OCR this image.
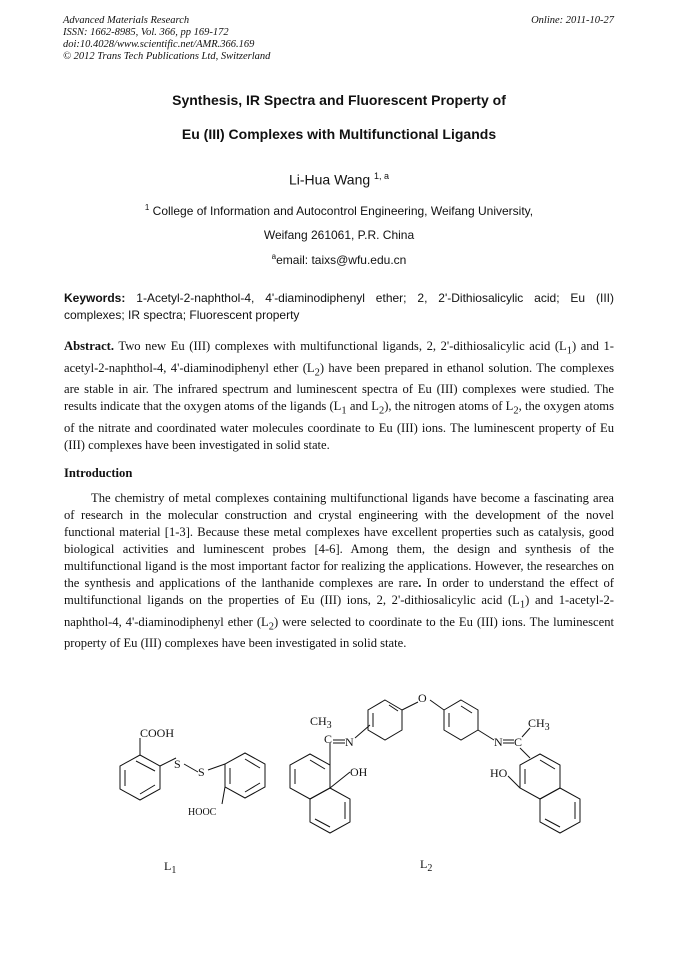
Advanced Materials Research
ISSN: 1662-8985, Vol. 366, pp 169-172
doi:10.4028/www.scientific.net/AMR.366.169
© 2012 Trans Tech Publications Ltd, Switzerland
Online: 2011-10-27
Synthesis, IR Spectra and Fluorescent Property of
Eu (III) Complexes with Multifunctional Ligands
Li-Hua Wang $^{1, a}$
$^1$ College of Information and Autocontrol Engineering, Weifang University,
Weifang 261061, P.R. China
$^a$email: taixs@wfu.edu.cn
Keywords: 1-Acetyl-2-naphthol-4, 4'-diaminodiphenyl ether; 2, 2'-Dithiosalicylic acid; Eu (III) complexes; IR spectra; Fluorescent property
Abstract. Two new Eu (III) complexes with multifunctional ligands, 2, 2'-dithiosalicylic acid $(L_1)$ and 1-acetyl-2-naphthol-4, 4'-diaminodiphenyl ether $(L_2)$ have been prepared in ethanol solution. The complexes are stable in air. The infrared spectrum and luminescent spectra of Eu (III) complexes were studied. The results indicate that the oxygen atoms of the ligands ($L_1$ and $L_2$), the nitrogen atoms of $L_2$, the oxygen atoms of the nitrate and coordinated water molecules coordinate to Eu (III) ions. The luminescent property of Eu (III) complexes have been investigated in solid state.
Introduction
The chemistry of metal complexes containing multifunctional ligands have become a fascinating area of research in the molecular construction and crystal engineering with the development of the novel functional material [1-3]. Because these metal complexes have excellent properties such as catalysis, good biological activities and luminescent probes [4-6]. Among them, the design and synthesis of the multifunctional ligand is the most important factor for realizing the applications. However, the researches on the synthesis and applications of the lanthanide complexes are rare. In order to understand the effect of multifunctional ligands on the properties of Eu (III) ions, 2, 2'-dithiosalicylic acid $(L_1)$ and 1-acetyl-2-naphthol-4, 4'-diaminodiphenyl ether $(L_2)$ were selected to coordinate to the Eu (III) ions. The luminescent property of Eu (III) complexes have been investigated in solid state.
COOH
S
S
HOOC
$L_1$
OH
$CH_3$
C N
O
N C
$CH_3$
HO
$L_2$
